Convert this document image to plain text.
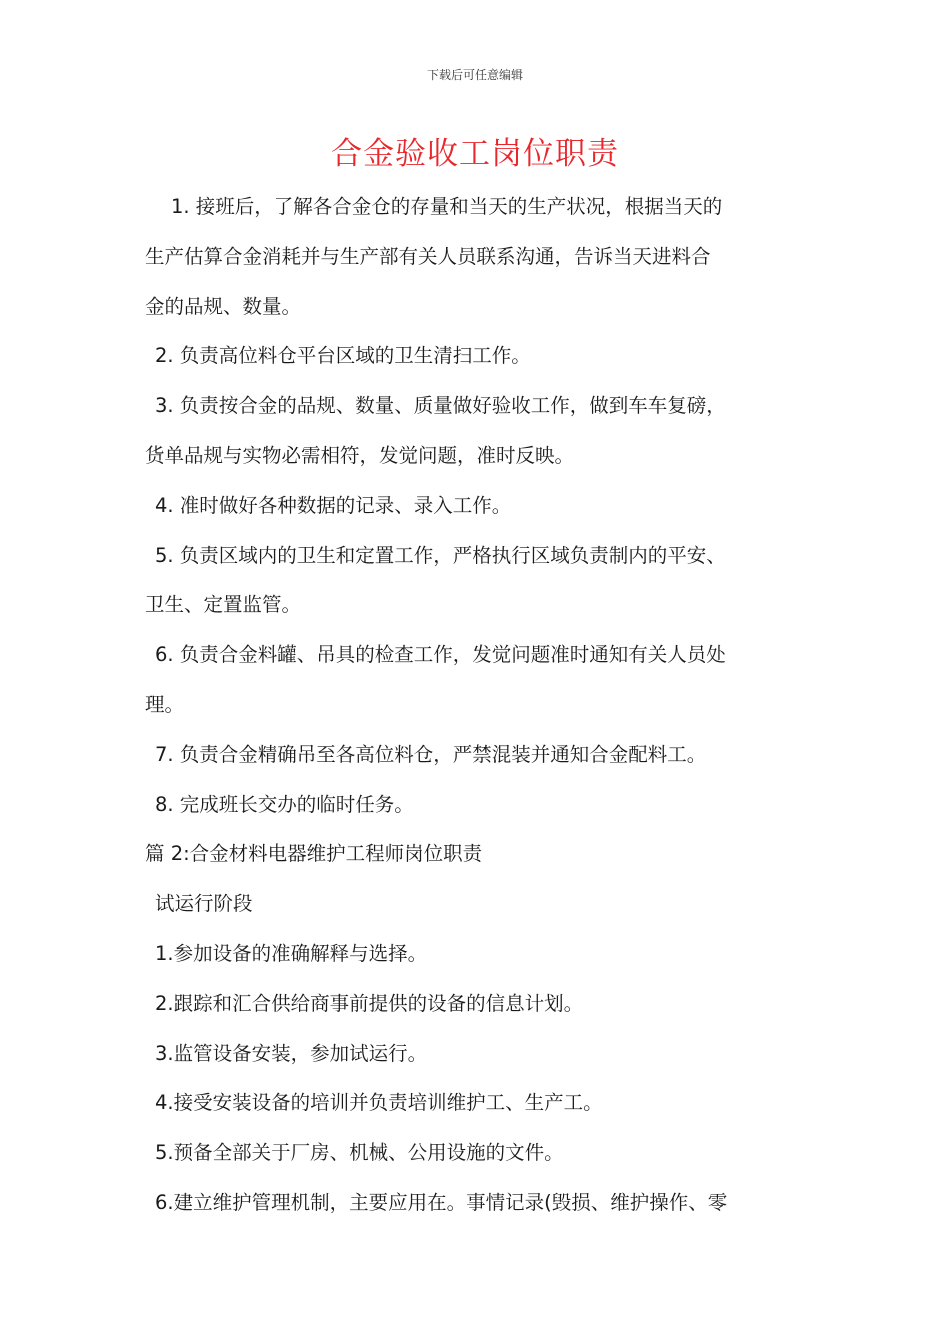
下载后可任意编辑
合金验收工岗位职责
1. 接班后，了解各合金仓的存量和当天的生产状况，根据当天的
生产估算合金消耗并与生产部有关人员联系沟通，告诉当天进料合
金的品规、数量。
2. 负责高位料仓平台区域的卫生清扫工作。
3. 负责按合金的品规、数量、质量做好验收工作，做到车车复磅，
货单品规与实物必需相符，发觉问题，准时反映。
4. 准时做好各种数据的记录、录入工作。
5. 负责区域内的卫生和定置工作，严格执行区域负责制内的平安、
卫生、定置监管。
6. 负责合金料罐、吊具的检查工作，发觉问题准时通知有关人员处
理。
7. 负责合金精确吊至各高位料仓，严禁混装并通知合金配料工。
8. 完成班长交办的临时任务。
篇 2:合金材料电器维护工程师岗位职责
试运行阶段
1.参加设备的准确解释与选择。
2.跟踪和汇合供给商事前提供的设备的信息计划。
3.监管设备安装，参加试运行。
4.接受安装设备的培训并负责培训维护工、生产工。
5.预备全部关于厂房、机械、公用设施的文件。
6.建立维护管理机制，主要应用在。事情记录(毁损、维护操作、零
